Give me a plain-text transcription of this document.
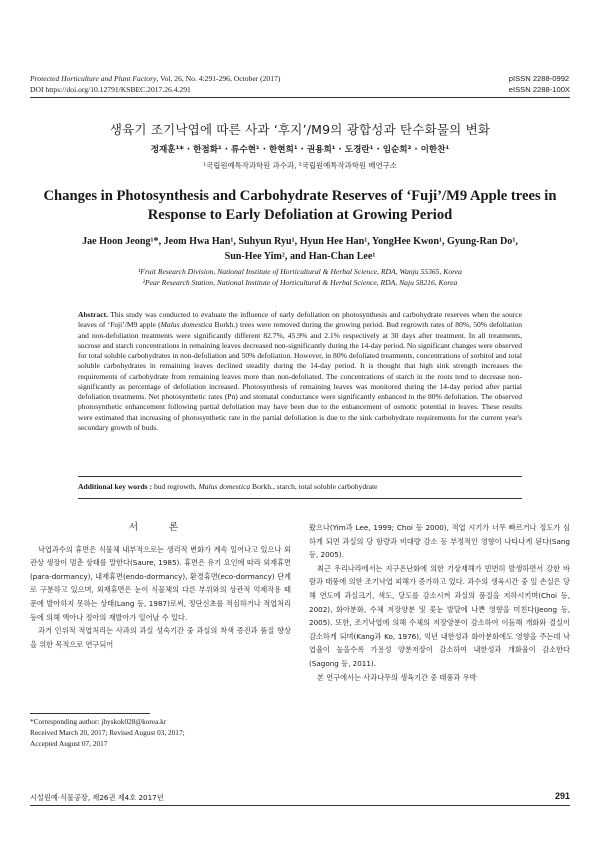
Protected Horticulture and Plant Factory, Vol. 26, No. 4:291-296, October (2017)
DOI https://doi.org/10.12791/KSBEC.2017.26.4.291
pISSN 2288-0992
eISSN 2288-100X
생육기 조기낙엽에 따른 사과 ‘후지’/M9의 광합성과 탄수화물의 변화
정재훈¹* · 한점화¹ · 류수현¹ · 한현희¹ · 권용희¹ · 도경란¹ · 임순희² · 이한찬¹
¹국립원예특작과학원 과수과, ²국립원예특작과학원 배연구소
Changes in Photosynthesis and Carbohydrate Reserves of ‘Fuji’/M9 Apple trees in Response to Early Defoliation at Growing Period
Jae Hoon Jeong¹*, Jeom Hwa Han¹, Suhyun Ryu¹, Hyun Hee Han¹, YongHee Kwon¹, Gyung-Ran Do¹,
Sun-Hee Yim², and Han-Chan Lee¹
¹Fruit Research Division, National Institute of Horticultural & Herbal Science, RDA, Wanju 55365, Korea
²Pear Research Station, National Institute of Horticultural & Herbal Science, RDA, Naju 58216, Korea
Abstract. This study was conducted to evaluate the influence of early defoliation on photosynthesis and carbohydrate reserves when the source leaves of ‘Fuji’/M9 apple (Malus domestica Borkh.) trees were removed during the growing period. Bud regrowth rates of 80%, 50% defoliation and non-defoliation treatments were significantly different 82.7%, 45.9% and 2.1% respectively at 30 days after treatment. In all treatments, sucrose and starch concentrations in remaining leaves decreased non-significantly during the 14-day period. No significant changes were observed for total soluble carbohydrates in non-defoliation and 50% defoliation. However, in 80% defoliated treatments, concentrations of sorbitol and total soluble carbohydrates in remaining leaves declined steadily during the 14-day period. It is thought that high sink strength increases the requirements of carbohydrate from remaining leaves more than non-defoliated. The concentrations of starch in the roots tend to decrease non-significantly as percentage of defoliation increased. Photosynthesis of remaining leaves was monitored during the 14-day period after partial defoliation treatments. Net photosynthetic rates (Pn) and stomatal conductance were significantly enhanced in the 80% defoliation. The observed photosynthetic enhancement following partial defoliation may have been due to the enhancement of osmotic potential in leaves. These results were estimated that increasing of photosynthetic rate in the partial defoliation is due to the sink carbohydrate requirements for the current year's secondary growth of buds.
Additional key words : bud regrowth, Malus domestica Borkh., starch, total soluble carbohydrate
서 론

낙엽과수의 휴면은 식물체 내부적으로는 생리적 변화가 계속 일어나고 있으나 외관상 생장이 멈춘 상태를 말한다(Saure, 1985). 휴면은 유기 요인에 따라 외재휴면(para-dormancy), 내재휴면(endo-dormancy), 환경휴면(eco-dormancy) 단계로 구분하고 있으며, 외재휴면은 눈이 식물체의 다른 부위와의 상관적 억제작용 때문에 발아하지 못하는 상태(Lang 등, 1987)로써, 정단신초를 적심하거나 적엽처리 등에 의해 액아나 정아의 재발아가 일어날 수 있다.

과거 인위적 적엽처리는 사과의 과실 성숙기간 중 과실의 착색 증진과 품질 향상을 위한 목적으로 연구되어

왔으나(Yim과 Lee, 1999; Choi 등 2000), 적엽 시기가 너무 빠르거나 정도가 심하게 되면 과실의 당 함량과 비대량 감소 등 부정적인 영향이 나타나게 된다(Sang 등, 2005).

최근 우리나라에서는 지구온난화에 의한 기상재해가 빈번히 발생하면서 강한 바람과 태풍에 의한 조기낙엽 피해가 증가하고 있다. 과수의 생육시간 중 잎 손실은 당해 연도에 과실크기, 색도, 당도를 감소시켜 과실의 품질을 저하시키며(Choi 등, 2002), 화아분화, 수체 저장양분 및 꽃눈 발달에 나쁜 영향을 미친다(Jeong 등, 2005). 또한, 조기낙엽에 의해 수체의 저장양분이 감소하여 이듬해 개화와 결실이 감소하게 되며(Kang과 Ko, 1976), 익년 내한성과 화아분화에도 영향을 주는데 낙엽율이 높을수록 가용성 양분저장이 감소하여 내한성과 개화율이 감소한다(Sagong 등, 2011).

본 연구에서는 사과나무의 생육기간 중 태풍과 우박

*Corresponding author: jhyskok028@korea.kr
Received March 20, 2017; Revised August 03, 2017;
Accepted August 07, 2017
시설원예·식물공장, 제26권 제4호 2017년	291
